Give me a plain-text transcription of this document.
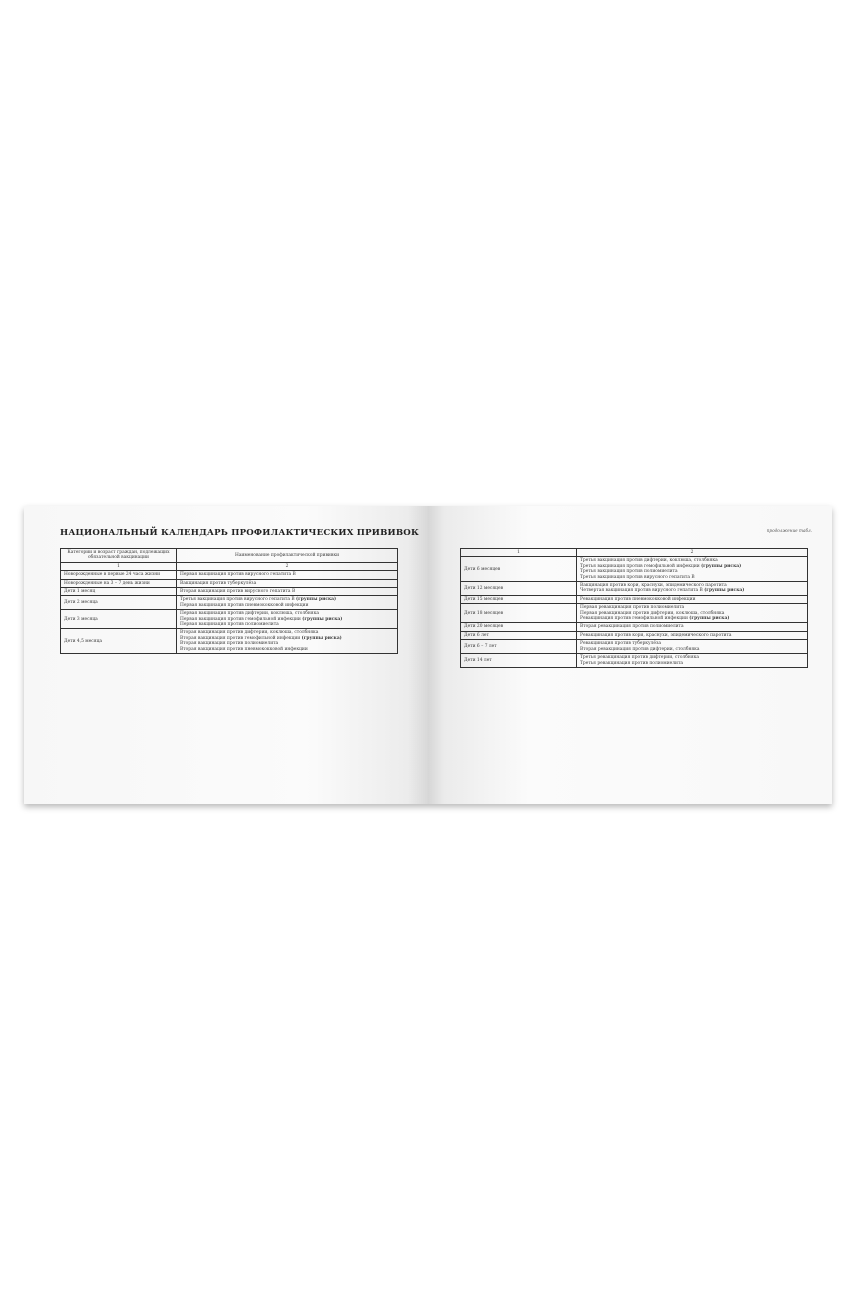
НАЦИОНАЛЬНЫЙ КАЛЕНДАРЬ ПРОФИЛАКТИЧЕСКИХ ПРИВИВОК
Категории и возраст граждан, подлежащих обязательной вакцинации	Наименование профилактической прививки
1	2
Новорожденные в первые 24 часа жизни	Первая вакцинация против вирусного гепатита В

Новорожденные на 3 – 7 день жизни	Вакцинация против туберкулёза

Дети 1 месяц	Вторая вакцинация против вирусного гепатита В

Дети 2 месяца	Третья вакцинация против вирусного гепатита В (группы риска)
Первая вакцинация против пневмококковой инфекции

Дети 3 месяца	Первая вакцинация против дифтерии, коклюша, столбняка
Первая вакцинация против гемофильной инфекции (группы риска)
Первая вакцинация против полиомиелита

Дети 4,5 месяца	Вторая вакцинация против дифтерии, коклюша, столбняка
Вторая вакцинация против гемофильной инфекции (группы риска)
Вторая вакцинация против полиомиелита
Вторая вакцинация против пневмококковой инфекции
продолжение табл.
1	2
Дети 6 месяцев	Третья вакцинация против дифтерии, коклюша, столбняка
Третья вакцинация против гемофильной инфекции (группы риска)
Третья вакцинация против полиомиелита
Третья вакцинация против вирусного гепатита В

Дети 12 месяцев	Вакцинация против кори, краснухи, эпидемического паротита
Четвертая вакцинация против вирусного гепатита В (группы риска)

Дети 15 месяцев	Ревакцинация против пневмококковой инфекции

Дети 18 месяцев	Первая ревакцинация против полиомиелита
Первая ревакцинация против дифтерии, коклюша, столбняка
Ревакцинация против гемофильной инфекции (группы риска)

Дети 20 месяцев	Вторая ревакцинация против полиомиелита

Дети 6 лет	Ревакцинация против кори, краснухи, эпидемического паротита

Дети 6 – 7 лет	Ревакцинация против туберкулёза
Вторая ревакцинация против дифтерии, столбняка

Дети 14 лет	Третья ревакцинация против дифтерии, столбняка
Третья ревакцинация против полиомиелита
